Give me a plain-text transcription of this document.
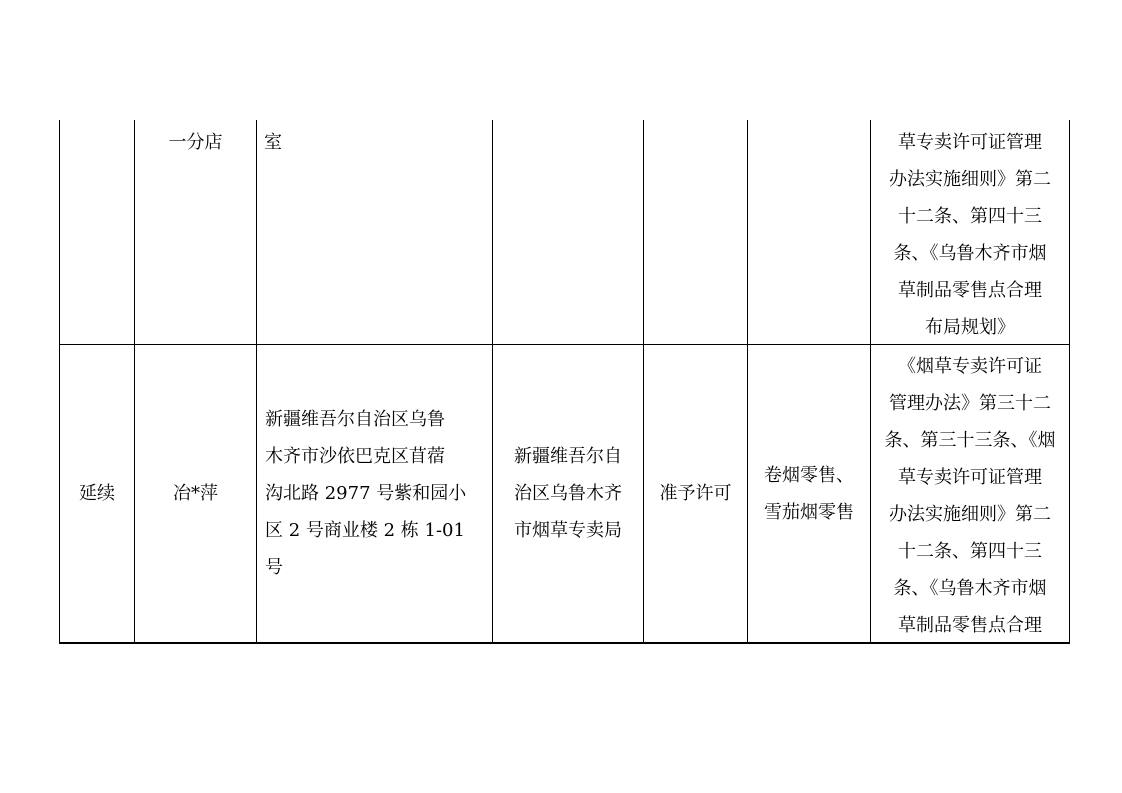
一分店 室	草专卖许可证管理
办法实施细则》第二
十二条、第四十三
条、《乌鲁木齐市烟
草制品零售点合理
布局规划》
延续	冶*萍
新疆维吾尔自治区乌鲁
木齐市沙依巴克区苜蓿
沟北路 2977 号紫和园小
区 2 号商业楼 2 栋 1-01
号
新疆维吾尔自
治区乌鲁木齐
市烟草专卖局
准予许可
卷烟零售、
雪茄烟零售
《烟草专卖许可证
管理办法》第三十二
条、第三十三条、《烟
草专卖许可证管理
办法实施细则》第二
十二条、第四十三
条、《乌鲁木齐市烟
草制品零售点合理
